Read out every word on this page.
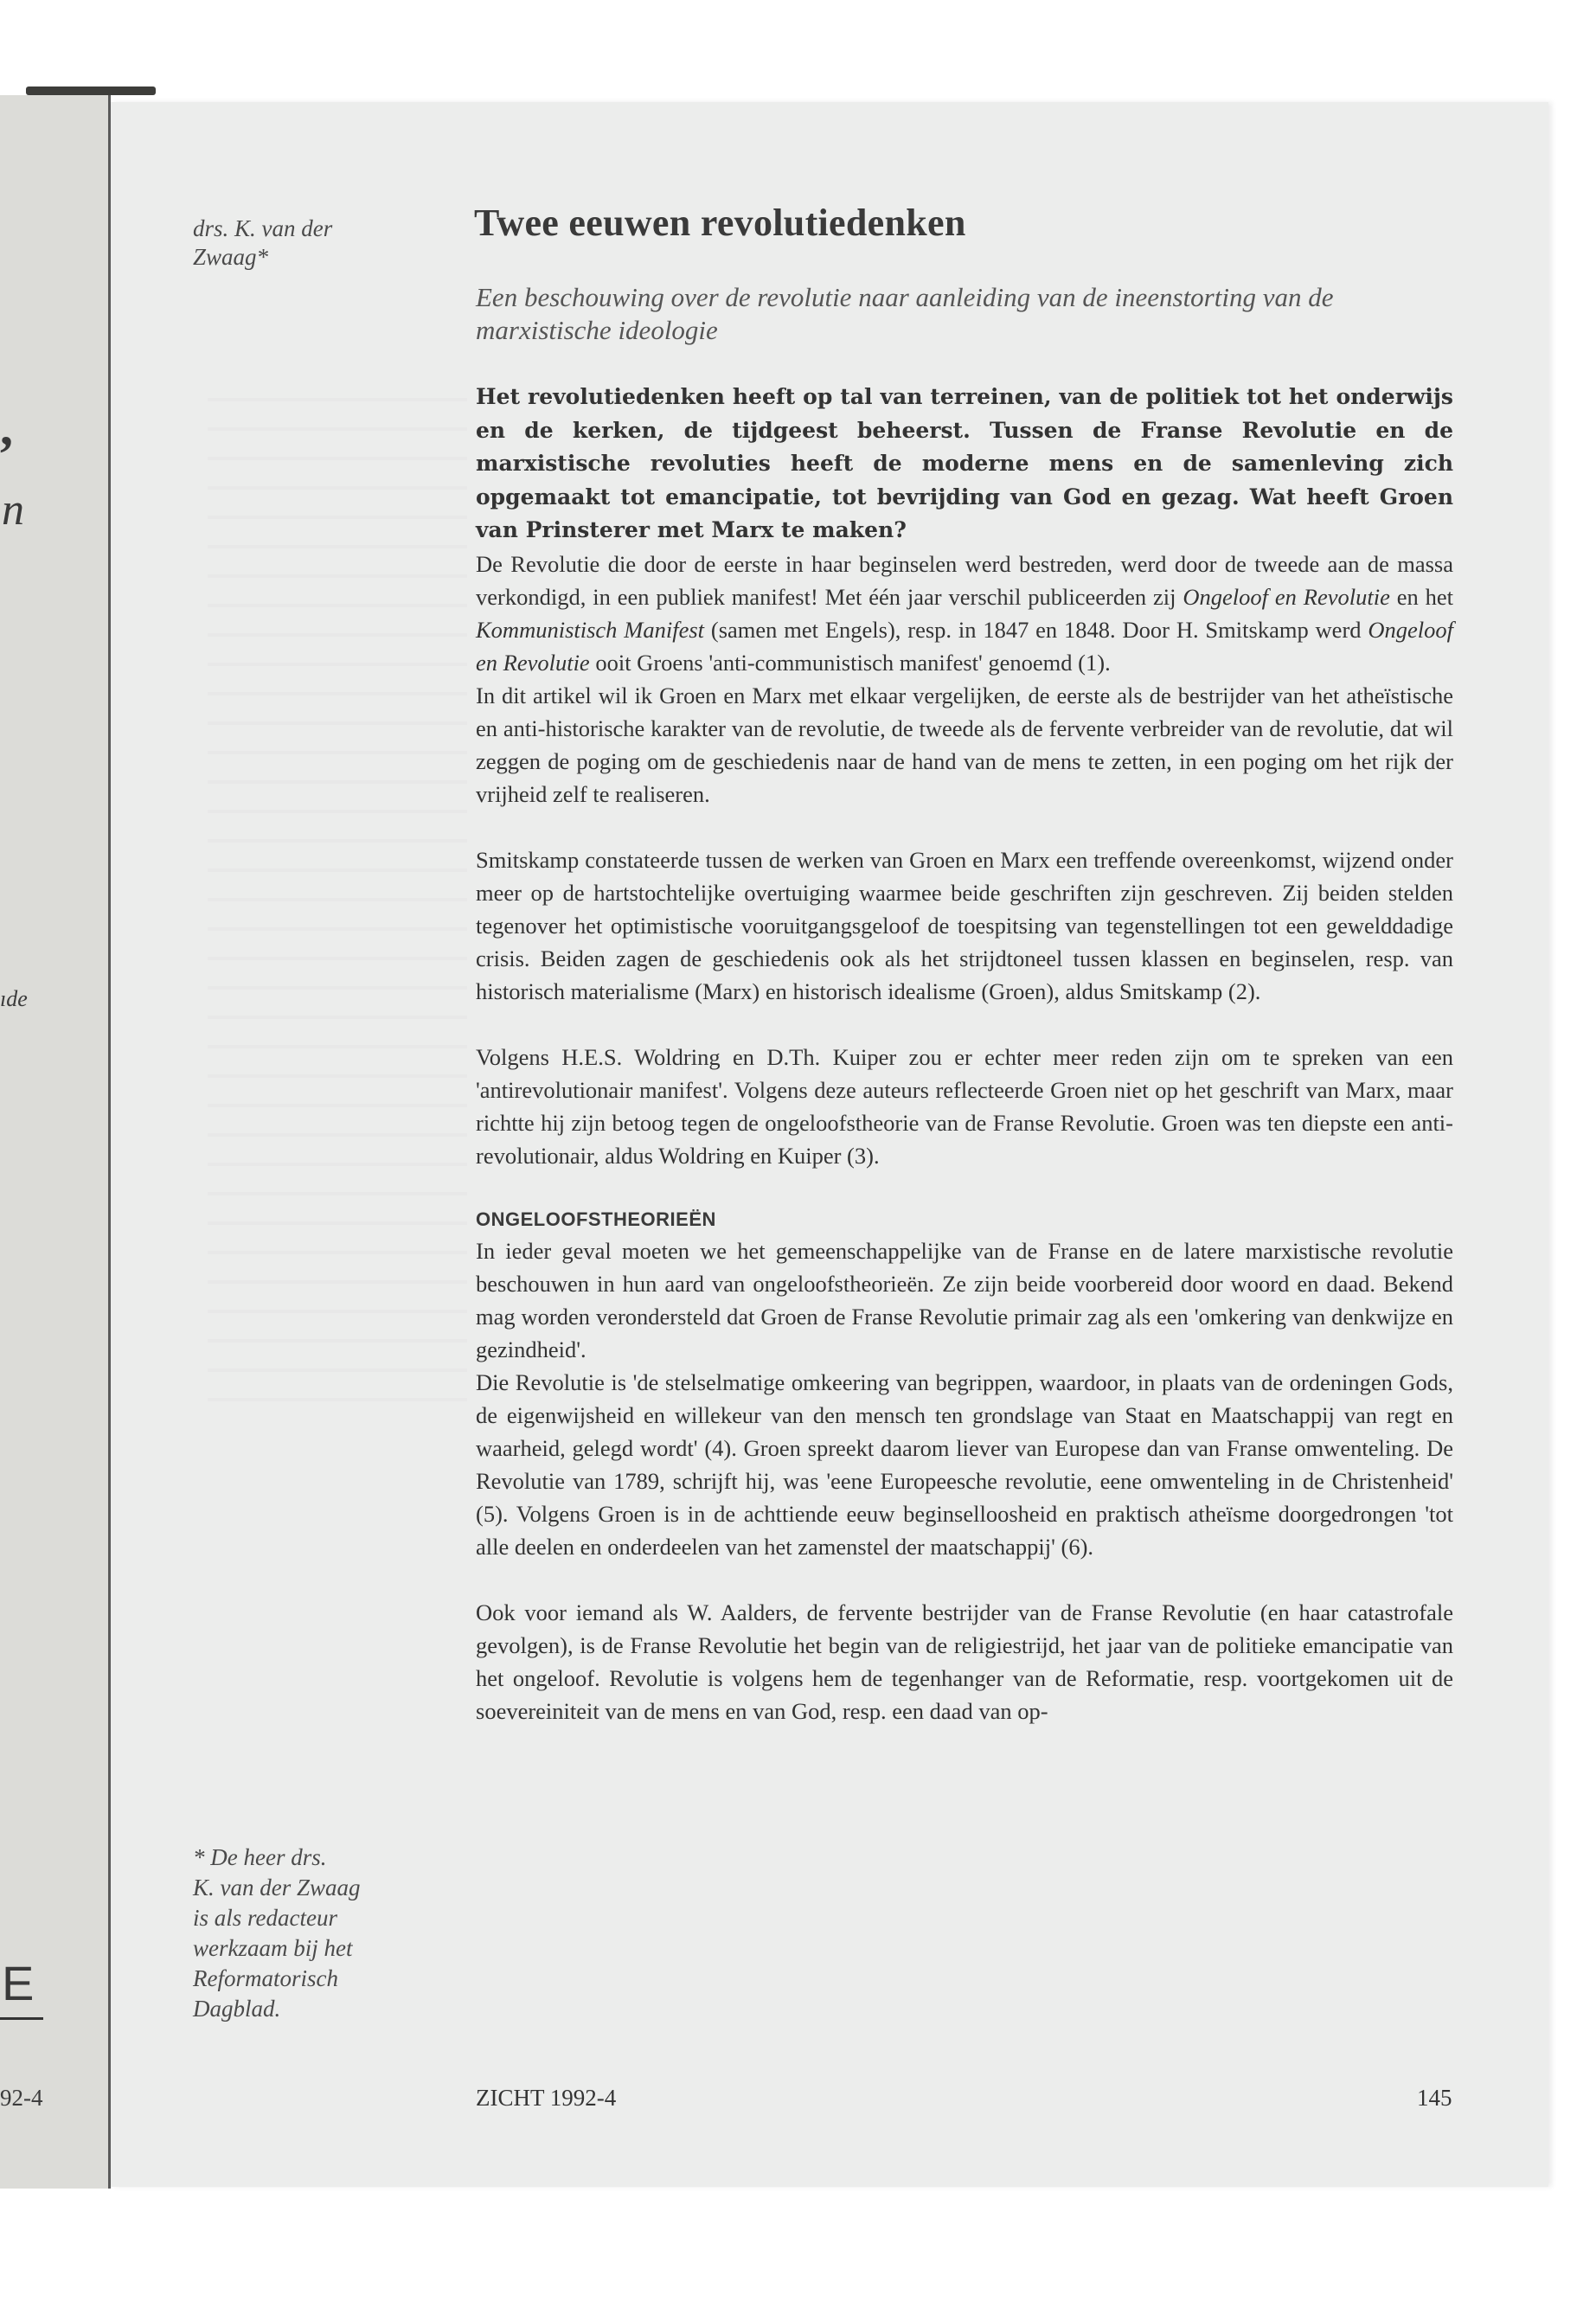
,
n
ıde
E
92-4
drs. K. van der
Zwaag*
Twee eeuwen revolutiedenken
Een beschouwing over de revolutie naar aanleiding van de ineenstorting van de marxistische ideologie

Het revolutiedenken heeft op tal van terreinen, van de politiek tot het onderwijs en de kerken, de tijdgeest beheerst. Tussen de Franse Revolutie en de marxistische revoluties heeft de moderne mens en de samenleving zich opgemaakt tot emancipatie, tot bevrijding van God en gezag. Wat heeft Groen van Prinsterer met Marx te maken?

De Revolutie die door de eerste in haar beginselen werd bestreden, werd door de tweede aan de massa verkondigd, in een publiek manifest! Met één jaar verschil publiceerden zij Ongeloof en Revolutie en het Kommunistisch Manifest (samen met Engels), resp. in 1847 en 1848. Door H. Smitskamp werd Ongeloof en Revolutie ooit Groens 'anti-communistisch manifest' genoemd (1).

In dit artikel wil ik Groen en Marx met elkaar vergelijken, de eerste als de bestrijder van het atheïstische en anti-historische karakter van de revolutie, de tweede als de fervente verbreider van de revolutie, dat wil zeggen de poging om de geschiedenis naar de hand van de mens te zetten, in een poging om het rijk der vrijheid zelf te realiseren.

Smitskamp constateerde tussen de werken van Groen en Marx een treffende overeenkomst, wijzend onder meer op de hartstochtelijke overtuiging waarmee beide geschriften zijn geschreven. Zij beiden stelden tegenover het optimistische vooruitgangsgeloof de toespitsing van tegenstellingen tot een gewelddadige crisis. Beiden zagen de geschiedenis ook als het strijdtoneel tussen klassen en beginselen, resp. van historisch materialisme (Marx) en historisch idealisme (Groen), aldus Smitskamp (2).

Volgens H.E.S. Woldring en D.Th. Kuiper zou er echter meer reden zijn om te spreken van een 'antirevolutionair manifest'. Volgens deze auteurs reflecteerde Groen niet op het geschrift van Marx, maar richtte hij zijn betoog tegen de ongeloofstheorie van de Franse Revolutie. Groen was ten diepste een anti-revolutionair, aldus Woldring en Kuiper (3).

ONGELOOFSTHEORIEËN

In ieder geval moeten we het gemeenschappelijke van de Franse en de latere marxistische revolutie beschouwen in hun aard van ongeloofstheorieën. Ze zijn beide voorbereid door woord en daad. Bekend mag worden verondersteld dat Groen de Franse Revolutie primair zag als een 'omkering van denkwijze en gezindheid'.

Die Revolutie is 'de stelselmatige omkeering van begrippen, waardoor, in plaats van de ordeningen Gods, de eigenwijsheid en willekeur van den mensch ten grondslage van Staat en Maatschappij van regt en waarheid, gelegd wordt' (4). Groen spreekt daarom liever van Europese dan van Franse omwenteling. De Revolutie van 1789, schrijft hij, was 'eene Europeesche revolutie, eene omwenteling in de Christenheid' (5). Volgens Groen is in de achttiende eeuw beginselloosheid en praktisch atheïsme doorgedrongen 'tot alle deelen en onderdeelen van het zamenstel der maatschappij' (6).

Ook voor iemand als W. Aalders, de fervente bestrijder van de Franse Revolutie (en haar catastrofale gevolgen), is de Franse Revolutie het begin van de religiestrijd, het jaar van de politieke emancipatie van het ongeloof. Revolutie is volgens hem de tegenhanger van de Reformatie, resp. voortgekomen uit de soevereiniteit van de mens en van God, resp. een daad van op-

* De heer drs.
K. van der Zwaag
is als redacteur
werkzaam bij het
Reformatorisch
Dagblad.
ZICHT 1992-4	145
